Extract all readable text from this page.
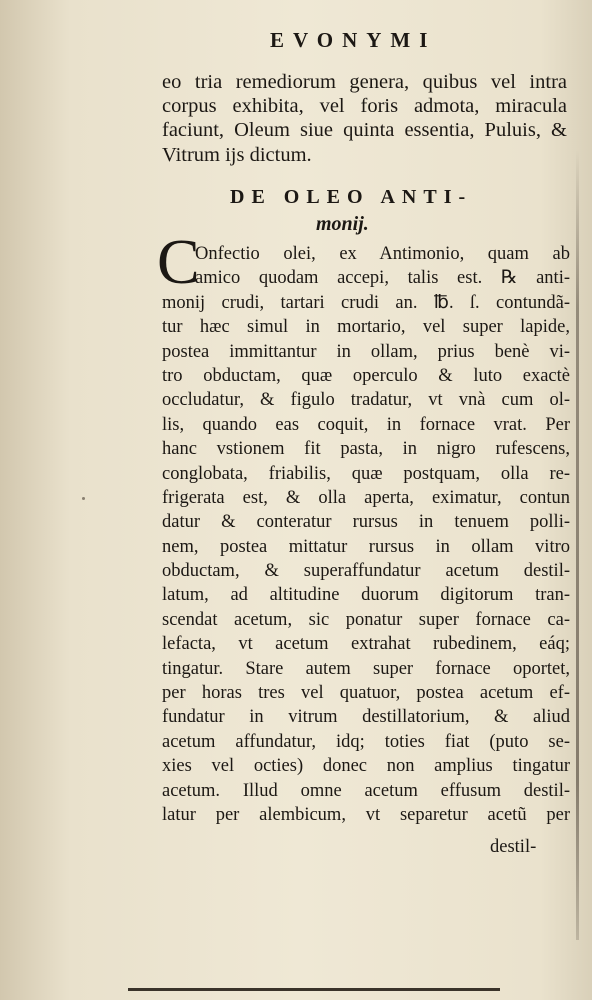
EVONYMI
eo tria remediorum genera, quibus vel intra
corpus exhibita, vel foris admota, miracula
faciunt, Oleum siue quinta essentia, Puluis, &
Vitrum ijs dictum.
DE OLEO ANTI-
monij.
C
Onfectio olei, ex Antimonio, quam ab
amico quodam accepi, talis est. ℞ anti-
monij crudi, tartari crudi an. ℔. ſ. contundã-
tur hæc simul in mortario, vel super lapide,
postea immittantur in ollam, prius benè vi-
tro obductam, quæ operculo & luto exactè
occludatur, & figulo tradatur, vt vnà cum ol-
lis, quando eas coquit, in fornace vrat. Per
hanc vstionem fit pasta, in nigro rufescens,
conglobata, friabilis, quæ postquam, olla re-
frigerata est, & olla aperta, eximatur, contun
datur & conteratur rursus in tenuem polli-
nem, postea mittatur rursus in ollam vitro
obductam, & superaffundatur acetum destil-
latum, ad altitudine duorum digitorum tran-
scendat acetum, sic ponatur super fornace ca-
lefacta, vt acetum extrahat rubedinem, eáq;
tingatur. Stare autem super fornace oportet,
per horas tres vel quatuor, postea acetum ef-
fundatur in vitrum destillatorium, & aliud
acetum affundatur, idq; toties fiat (puto se-
xies vel octies) donec non amplius tingatur
acetum. Illud omne acetum effusum destil-
latur per alembicum, vt separetur acetũ per
destil-
